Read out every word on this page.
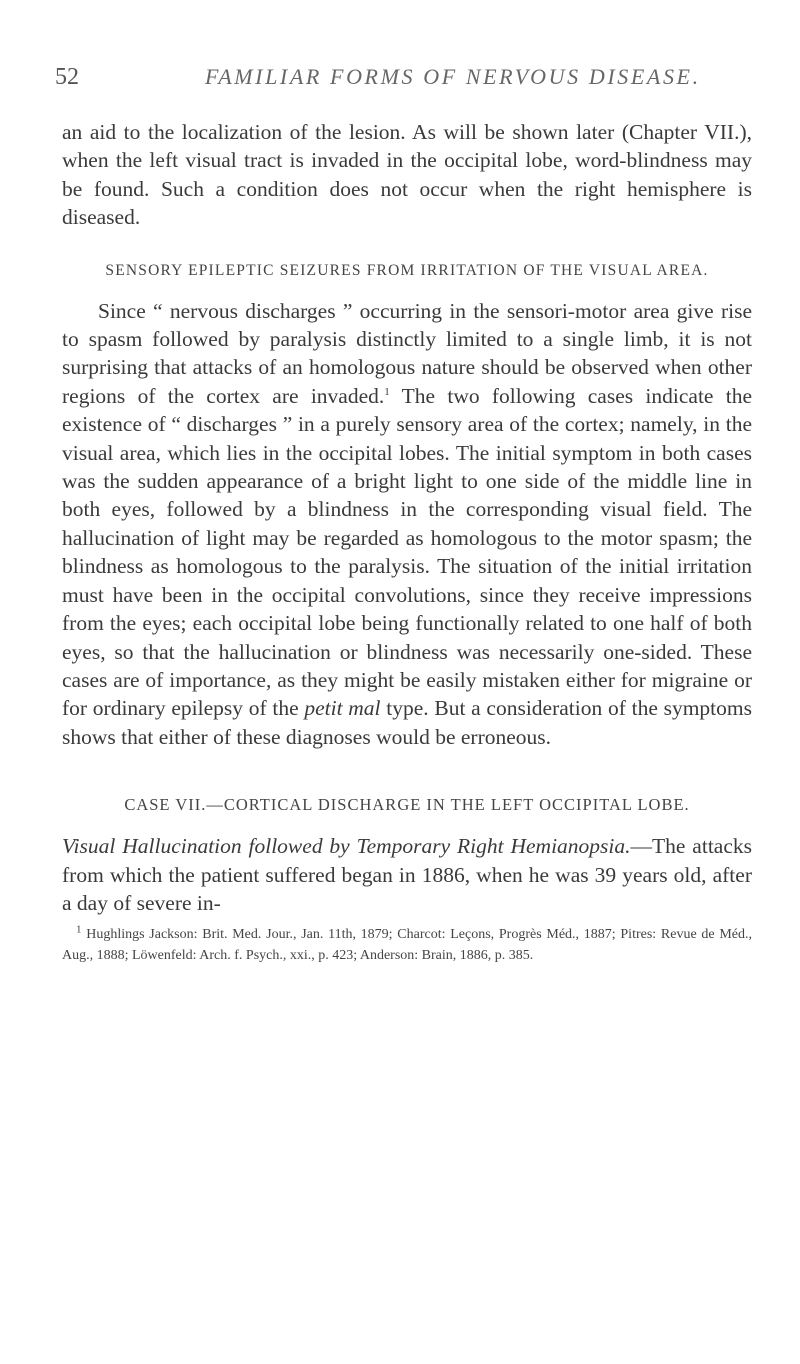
52	FAMILIAR FORMS OF NERVOUS DISEASE.

an aid to the localization of the lesion. As will be shown later (Chapter VII.), when the left visual tract is invaded in the occipital lobe, word-blindness may be found. Such a condition does not occur when the right hemisphere is diseased.

SENSORY EPILEPTIC SEIZURES FROM IRRITATION OF THE VISUAL AREA.

Since “ nervous discharges ” occurring in the sensori-motor area give rise to spasm followed by paralysis distinctly limited to a single limb, it is not surprising that attacks of an homologous nature should be observed when other regions of the cortex are invaded.$^1$ The two following cases indicate the existence of “ discharges ” in a purely sensory area of the cortex; namely, in the visual area, which lies in the occipital lobes. The initial symptom in both cases was the sudden appearance of a bright light to one side of the middle line in both eyes, followed by a blindness in the corresponding visual field. The hallucination of light may be regarded as homologous to the motor spasm; the blindness as homologous to the paralysis. The situation of the initial irritation must have been in the occipital convolutions, since they receive impressions from the eyes; each occipital lobe being functionally related to one half of both eyes, so that the hallucination or blindness was necessarily one-sided. These cases are of importance, as they might be easily mistaken either for migraine or for ordinary epilepsy of the petit mal type. But a consideration of the symptoms shows that either of these diagnoses would be erroneous.

CASE VII.—CORTICAL DISCHARGE IN THE LEFT OCCIPITAL LOBE.

Visual Hallucination followed by Temporary Right Hemianopsia.—The attacks from which the patient suffered began in 1886, when he was 39 years old, after a day of severe in-

$^1$ Hughlings Jackson: Brit. Med. Jour., Jan. 11th, 1879; Charcot: Leçons, Progrès Méd., 1887; Pitres: Revue de Méd., Aug., 1888; Löwenfeld: Arch. f. Psych., xxi., p. 423; Anderson: Brain, 1886, p. 385.
